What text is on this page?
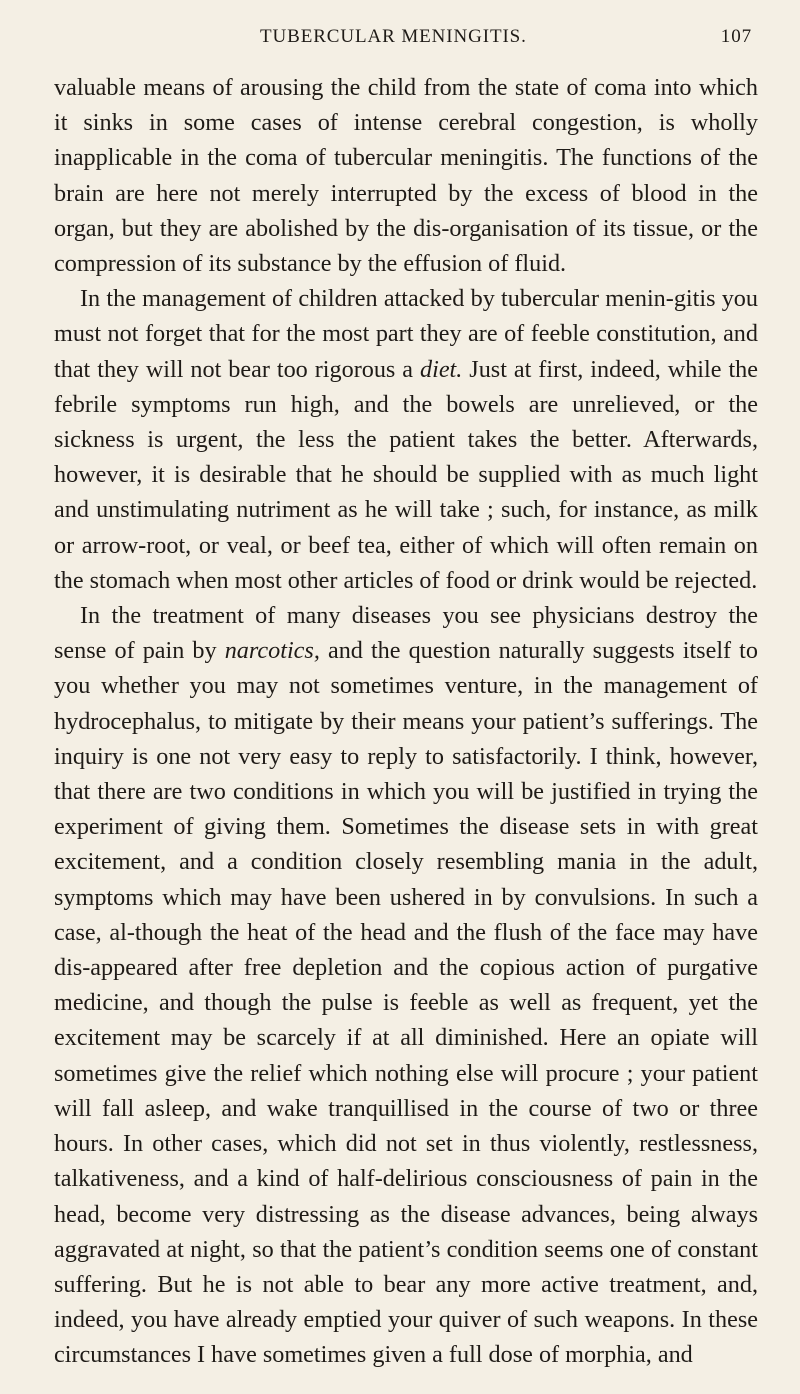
TUBERCULAR MENINGITIS.	107

valuable means of arousing the child from the state of coma into which it sinks in some cases of intense cerebral congestion, is wholly inapplicable in the coma of tubercular meningitis. The functions of the brain are here not merely interrupted by the excess of blood in the organ, but they are abolished by the dis-organisation of its tissue, or the compression of its substance by the effusion of fluid.

In the management of children attacked by tubercular menin-gitis you must not forget that for the most part they are of feeble constitution, and that they will not bear too rigorous a diet. Just at first, indeed, while the febrile symptoms run high, and the bowels are unrelieved, or the sickness is urgent, the less the patient takes the better. Afterwards, however, it is desirable that he should be supplied with as much light and unstimulating nutriment as he will take ; such, for instance, as milk or arrow-root, or veal, or beef tea, either of which will often remain on the stomach when most other articles of food or drink would be rejected.

In the treatment of many diseases you see physicians destroy the sense of pain by narcotics, and the question naturally suggests itself to you whether you may not sometimes venture, in the management of hydrocephalus, to mitigate by their means your patient’s sufferings. The inquiry is one not very easy to reply to satisfactorily. I think, however, that there are two conditions in which you will be justified in trying the experiment of giving them. Sometimes the disease sets in with great excitement, and a condition closely resembling mania in the adult, symptoms which may have been ushered in by convulsions. In such a case, al-though the heat of the head and the flush of the face may have dis-appeared after free depletion and the copious action of purgative medicine, and though the pulse is feeble as well as frequent, yet the excitement may be scarcely if at all diminished. Here an opiate will sometimes give the relief which nothing else will procure ; your patient will fall asleep, and wake tranquillised in the course of two or three hours. In other cases, which did not set in thus violently, restlessness, talkativeness, and a kind of half-delirious consciousness of pain in the head, become very distressing as the disease advances, being always aggravated at night, so that the patient’s condition seems one of constant suffering. But he is not able to bear any more active treatment, and, indeed, you have already emptied your quiver of such weapons. In these circumstances I have sometimes given a full dose of morphia, and
